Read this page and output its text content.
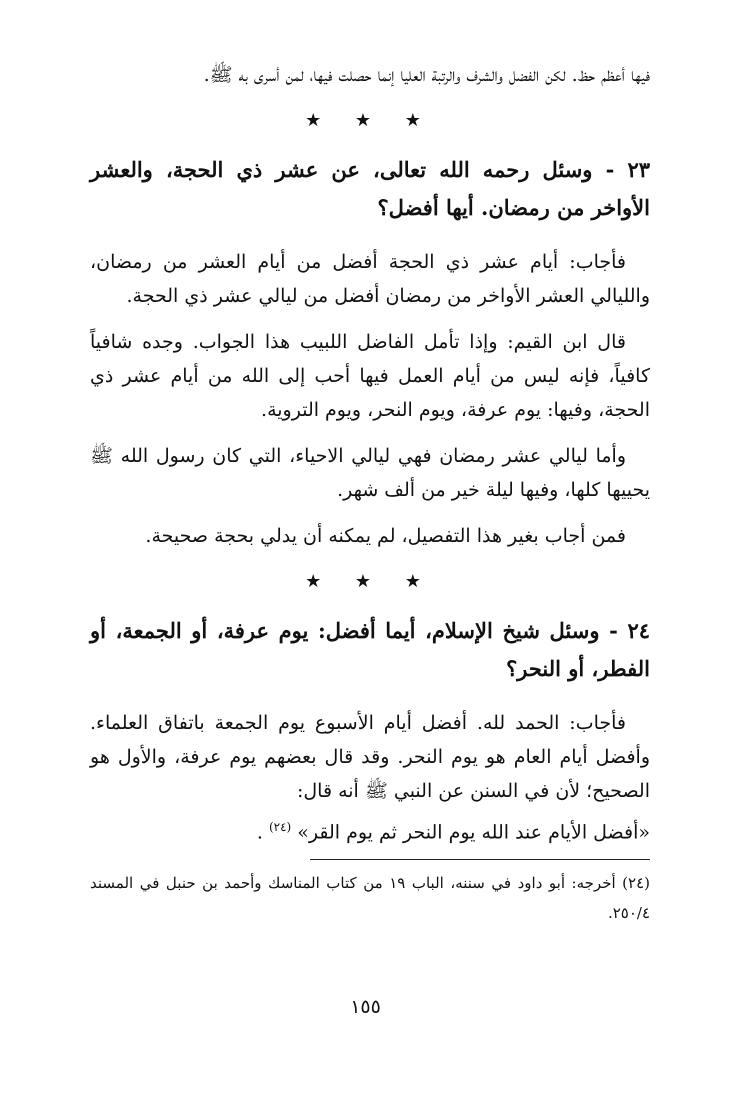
فيها أعظم حظ. لكن الفضل والشرف والرتبة العليا إنما حصلت فيها، لمن أسرى به ﷺ.

★ ★ ★

٢٣ - وسئل رحمه الله تعالى، عن عشر ذي الحجة، والعشر الأواخر من رمضان. أيها أفضل؟

فأجاب: أيام عشر ذي الحجة أفضل من أيام العشر من رمضان، والليالي العشر الأواخر من رمضان أفضل من ليالي عشر ذي الحجة.

قال ابن القيم: وإذا تأمل الفاضل اللبيب هذا الجواب. وجده شافياً كافياً، فإنه ليس من أيام العمل فيها أحب إلى الله من أيام عشر ذي الحجة، وفيها: يوم عرفة، ويوم النحر، ويوم التروية.

وأما ليالي عشر رمضان فهي ليالي الاحياء، التي كان رسول الله ﷺ يحييها كلها، وفيها ليلة خير من ألف شهر.

فمن أجاب بغير هذا التفصيل، لم يمكنه أن يدلي بحجة صحيحة.

★ ★ ★

٢٤ - وسئل شيخ الإسلام، أيما أفضل: يوم عرفة، أو الجمعة، أو الفطر، أو النحر؟

فأجاب: الحمد لله. أفضل أيام الأسبوع يوم الجمعة باتفاق العلماء. وأفضل أيام العام هو يوم النحر. وقد قال بعضهم يوم عرفة، والأول هو الصحيح؛ لأن في السنن عن النبي ﷺ أنه قال:

«أفضل الأيام عند الله يوم النحر ثم يوم القر» $^{(٢٤)}$ .

(٢٤) أخرجه: أبو داود في سننه، الباب ١٩ من كتاب المناسك وأحمد بن حنبل في المسند ٢٥٠/٤.

١٥٥
